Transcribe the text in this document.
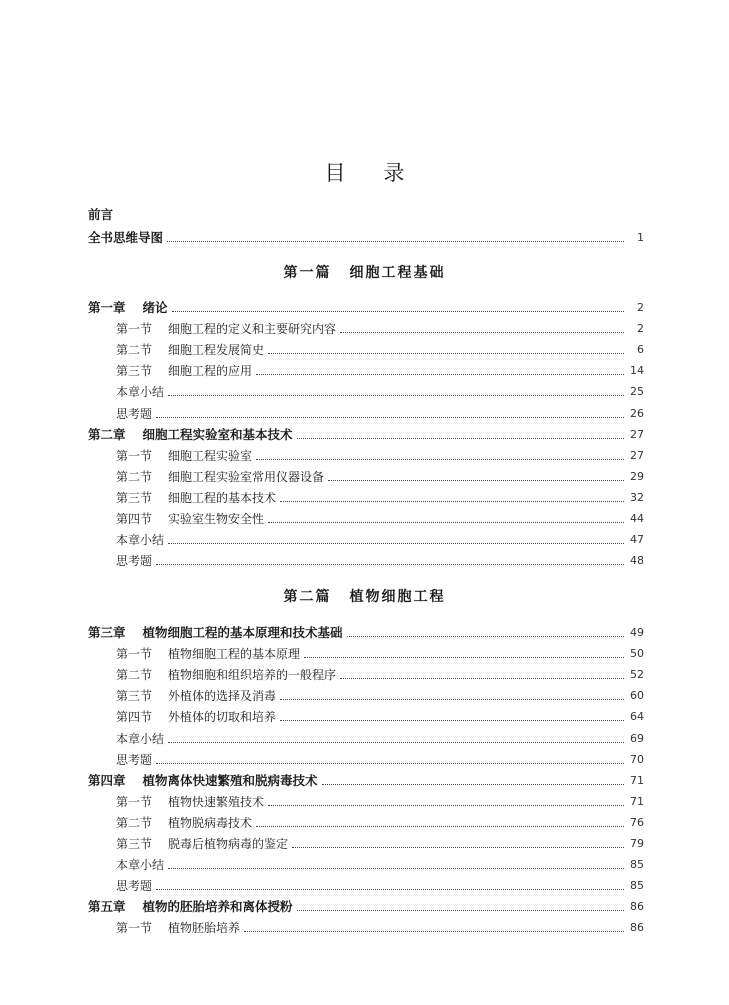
目录
前言
全书思维导图	1
第一篇 细胞工程基础
第一章 绪论	2
第一节 细胞工程的定义和主要研究内容	2
第二节 细胞工程发展简史	6
第三节 细胞工程的应用	14
本章小结	25
思考题	26
第二章 细胞工程实验室和基本技术	27
第一节 细胞工程实验室	27
第二节 细胞工程实验室常用仪器设备	29
第三节 细胞工程的基本技术	32
第四节 实验室生物安全性	44
本章小结	47
思考题	48
第二篇 植物细胞工程
第三章 植物细胞工程的基本原理和技术基础	49
第一节 植物细胞工程的基本原理	50
第二节 植物细胞和组织培养的一般程序	52
第三节 外植体的选择及消毒	60
第四节 外植体的切取和培养	64
本章小结	69
思考题	70
第四章 植物离体快速繁殖和脱病毒技术	71
第一节 植物快速繁殖技术	71
第二节 植物脱病毒技术	76
第三节 脱毒后植物病毒的鉴定	79
本章小结	85
思考题	85
第五章 植物的胚胎培养和离体授粉	86
第一节 植物胚胎培养	86
